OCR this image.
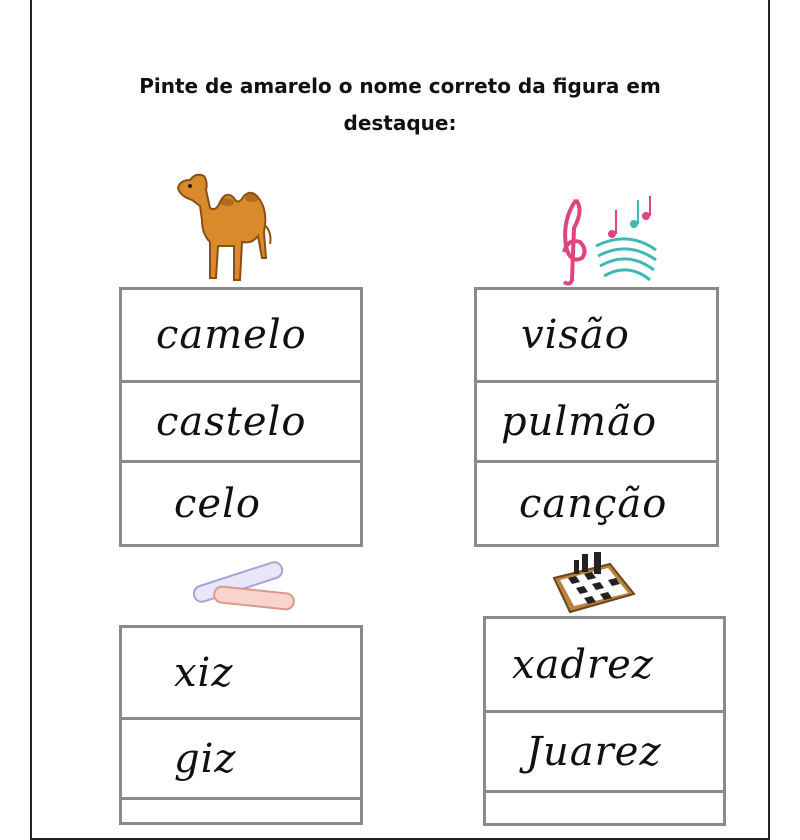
Pinte de amarelo o nome correto da figura em
destaque:
camelo
castelo
celo
visão
pulmão
canção
xiz
giz
xadrez
Juarez
